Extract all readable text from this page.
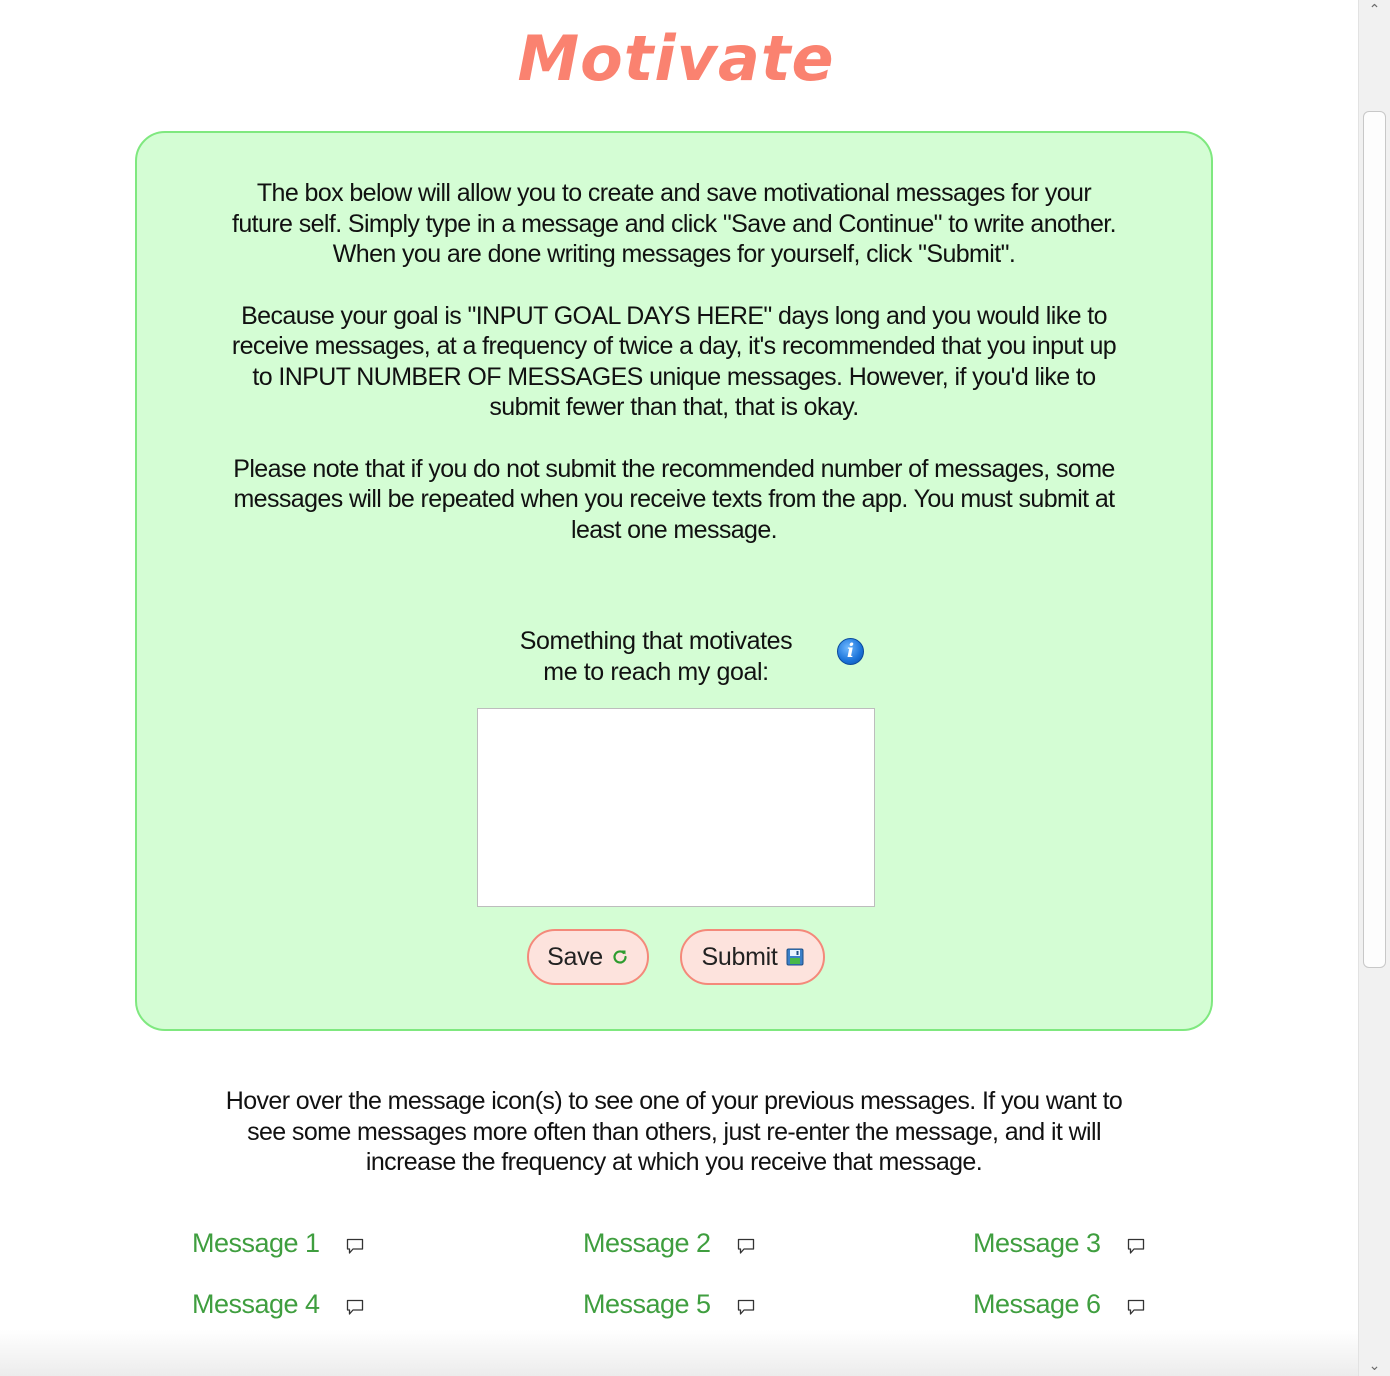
Motivate

The box below will allow you to create and save motivational messages for your future self. Simply type in a message and click "Save and Continue" to write another. When you are done writing messages for yourself, click "Submit".

Because your goal is "INPUT GOAL DAYS HERE" days long and you would like to receive messages, at a frequency of twice a day, it's recommended that you input up to INPUT NUMBER OF MESSAGES unique messages. However, if you'd like to submit fewer than that, that is okay.

Please note that if you do not submit the recommended number of messages, some messages will be repeated when you receive texts from the app. You must submit at least one message.

Something that motivates
me to reach my goal:
i
Save	Submit
Hover over the message icon(s) to see one of your previous messages. If you want to see some messages more often than others, just re-enter the message, and it will increase the frequency at which you receive that message.
Message 1	Message 2	Message 3
Message 4	Message 5	Message 6
⌃
⌄
